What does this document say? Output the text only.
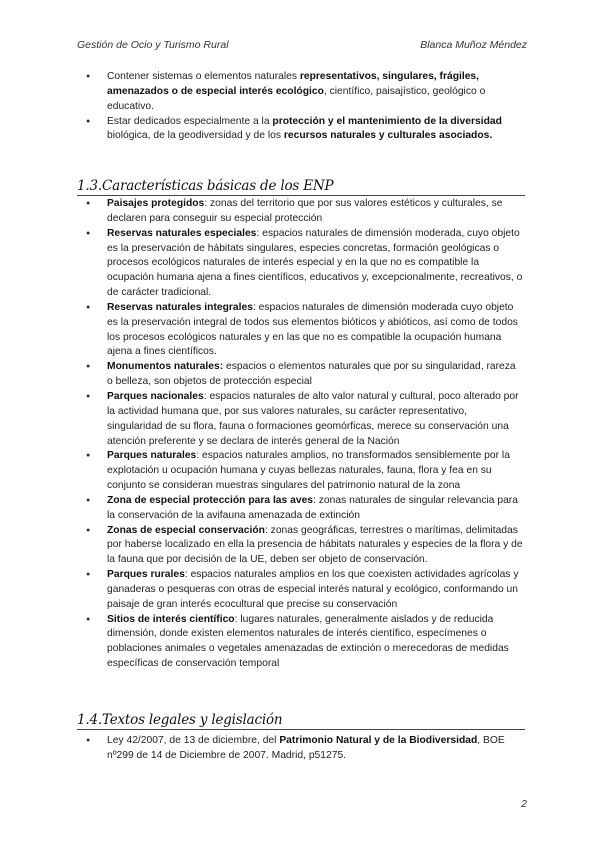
Gestión de Ocio y Turismo Rural	Blanca Muñoz Méndez
● Contener sistemas o elementos naturales representativos, singulares, frágiles, amenazados o de especial interés ecológico, científico, paisajístico, geológico o educativo.
● Estar dedicados especialmente a la protección y el mantenimiento de la diversidad biológica, de la geodiversidad y de los recursos naturales y culturales asociados.
1.3.Características básicas de los ENP
● Paisajes protegidos: zonas del territorio que por sus valores estéticos y culturales, se declaren para conseguir su especial protección
● Reservas naturales especiales: espacios naturales de dimensión moderada, cuyo objeto es la preservación de hábitats singulares, especies concretas, formación geológicas o procesos ecológicos naturales de interés especial y en la que no es compatible la ocupación humana ajena a fines científicos, educativos y, excepcionalmente, recreativos, o de carácter tradicional.
● Reservas naturales integrales: espacios naturales de dimensión moderada cuyo objeto es la preservación integral de todos sus elementos bióticos y abióticos, así como de todos los procesos ecológicos naturales y en las que no es compatible la ocupación humana ajena a fines científicos.
● Monumentos naturales: espacios o elementos naturales que por su singularidad, rareza o belleza, son objetos de protección especial
● Parques nacionales: espacios naturales de alto valor natural y cultural, poco alterado por la actividad humana que, por sus valores naturales, su carácter representativo, singularidad de su flora, fauna o formaciones geomórficas, merece su conservación una atención preferente y se declara de interés general de la Nación
● Parques naturales: espacios naturales amplios, no transformados sensiblemente por la explotación u ocupación humana y cuyas bellezas naturales, fauna, flora y fea en su conjunto se consideran muestras singulares del patrimonio natural de la zona
● Zona de especial protección para las aves: zonas naturales de singular relevancia para la conservación de la avifauna amenazada de extinción
● Zonas de especial conservación: zonas geográficas, terrestres o marítimas, delimitadas por haberse localizado en ella la presencia de hábitats naturales y especies de la flora y de la fauna que por decisión de la UE, deben ser objeto de conservación.
● Parques rurales: espacios naturales amplios en los que coexisten actividades agrícolas y ganaderas o pesqueras con otras de especial interés natural y ecológico, conformando un paisaje de gran interés ecocultural que precise su conservación
● Sitios de interés científico: lugares naturales, generalmente aislados y de reducida dimensión, donde existen elementos naturales de interés científico, especímenes o poblaciones animales o vegetales amenazadas de extinción o merecedoras de medidas específicas de conservación temporal
1.4.Textos legales y legislación
● Ley 42/2007, de 13 de diciembre, del Patrimonio Natural y de la Biodiversidad, BOE nº299 de 14 de Diciembre de 2007. Madrid, p51275.
2
